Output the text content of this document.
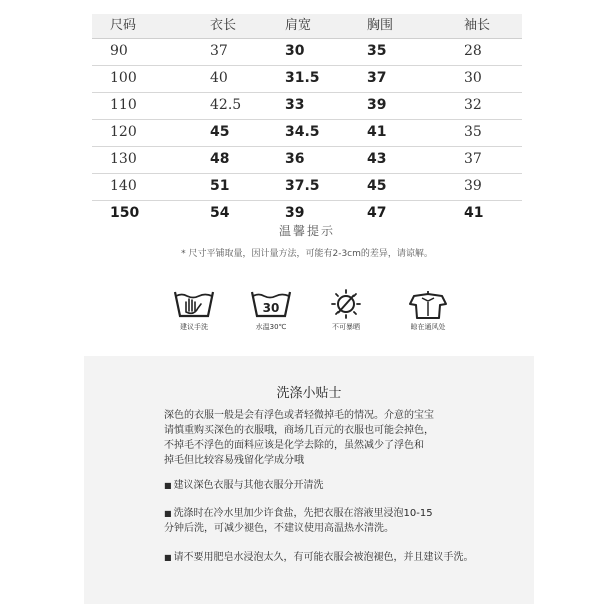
尺码	衣长	肩宽	胸围	袖长
90	37	30	35	28
100	40	31.5	37	30
110	42.5	33	39	32
120	45	34.5	41	35
130	48	36	43	37
140	51	37.5	45	39
150	54	39	47	41
温馨提示
* 尺寸平铺取量，因计量方法，可能有2-3cm的差异，请谅解。
建议手洗
30
水温30℃	不可暴晒	晾在通风处
洗涤小贴士
深色的衣服一般是会有浮色或者轻微掉毛的情况。介意的宝宝
请慎重购买深色的衣服哦，商场几百元的衣服也可能会掉色，
不掉毛不浮色的面料应该是化学去除的，虽然减少了浮色和
掉毛但比较容易残留化学成分哦
■ 建议深色衣服与其他衣服分开清洗
■ 洗涤时在冷水里加少许食盐，先把衣服在溶液里浸泡10-15
分钟后洗，可减少褪色，不建议使用高温热水清洗。
■ 请不要用肥皂水浸泡太久，有可能衣服会被泡褪色，并且建议手洗。
